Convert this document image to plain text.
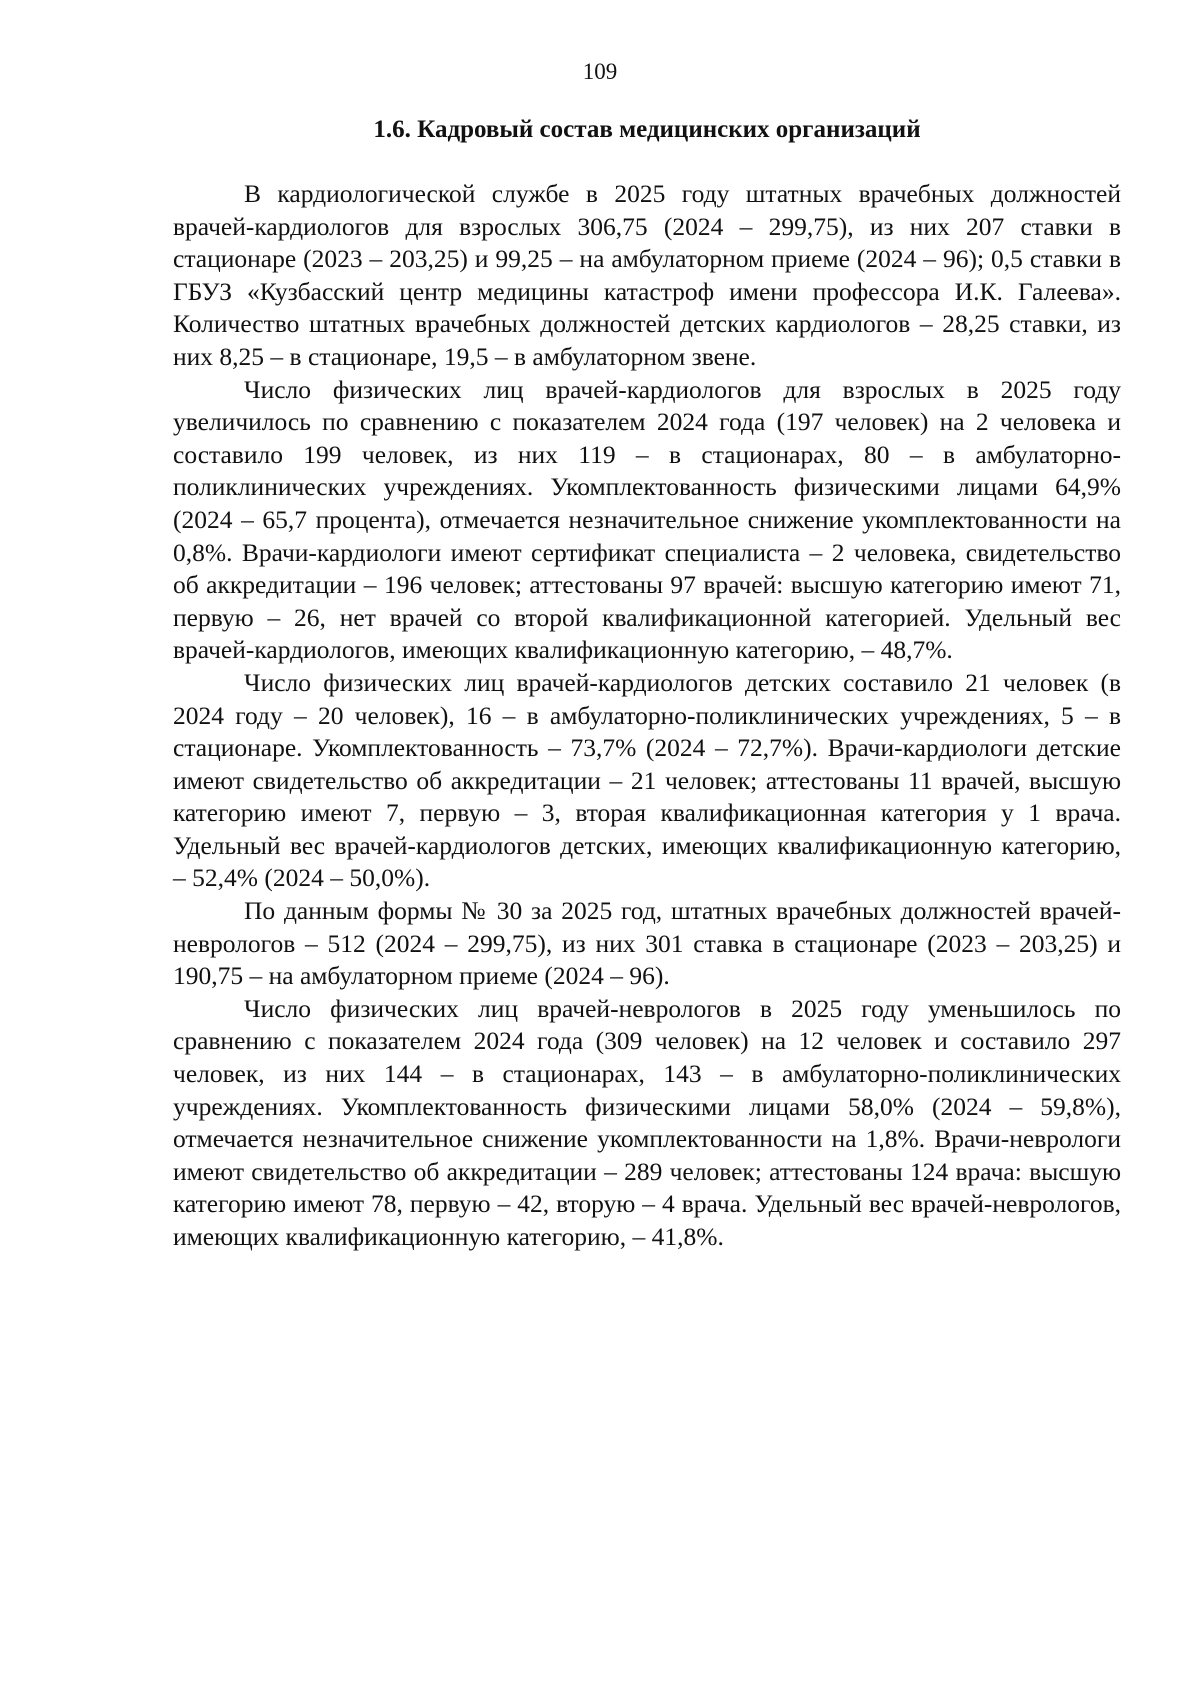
109
1.6. Кадровый состав медицинских организаций

В кардиологической службе в 2025 году штатных врачебных должностей врачей-кардиологов для взрослых 306,75 (2024 – 299,75), из них 207 ставки в стационаре (2023 – 203,25) и 99,25 – на амбулаторном приеме (2024 – 96); 0,5 ставки в ГБУЗ «Кузбасский центр медицины катастроф имени профессора И.К. Галеева». Количество штатных врачебных должностей детских кардиологов – 28,25 ставки, из них 8,25 – в стационаре, 19,5 – в амбулаторном звене.

Число физических лиц врачей-кардиологов для взрослых в 2025 году увеличилось по сравнению с показателем 2024 года (197 человек) на 2 человека и составило 199 человек, из них 119 – в стационарах, 80 – в амбулаторно-поликлинических учреждениях. Укомплектованность физическими лицами 64,9% (2024 – 65,7 процента), отмечается незначительное снижение укомплектованности на 0,8%. Врачи-кардиологи имеют сертификат специалиста – 2 человека, свидетельство об аккредитации – 196 человек; аттестованы 97 врачей: высшую категорию имеют 71, первую – 26, нет врачей со второй квалификационной категорией. Удельный вес врачей-кардиологов, имеющих квалификационную категорию, – 48,7%.

Число физических лиц врачей-кардиологов детских составило 21 человек (в 2024 году – 20 человек), 16 – в амбулаторно-поликлинических учреждениях, 5 – в стационаре. Укомплектованность – 73,7% (2024 – 72,7%). Врачи-кардиологи детские имеют свидетельство об аккредитации – 21 человек; аттестованы 11 врачей, высшую категорию имеют 7, первую – 3, вторая квалификационная категория у 1 врача. Удельный вес врачей-кардиологов детских, имеющих квалификационную категорию, – 52,4% (2024 – 50,0%).

По данным формы № 30 за 2025 год, штатных врачебных должностей врачей-неврологов – 512 (2024 – 299,75), из них 301 ставка в стационаре (2023 – 203,25) и 190,75 – на амбулаторном приеме (2024 – 96).

Число физических лиц врачей-неврологов в 2025 году уменьшилось по сравнению с показателем 2024 года (309 человек) на 12 человек и составило 297 человек, из них 144 – в стационарах, 143 – в амбулаторно-поликлинических учреждениях. Укомплектованность физическими лицами 58,0% (2024 – 59,8%), отмечается незначительное снижение укомплектованности на 1,8%. Врачи-неврологи имеют свидетельство об аккредитации – 289 человек; аттестованы 124 врача: высшую категорию имеют 78, первую – 42, вторую – 4 врача. Удельный вес врачей-неврологов, имеющих квалификационную категорию, – 41,8%.
